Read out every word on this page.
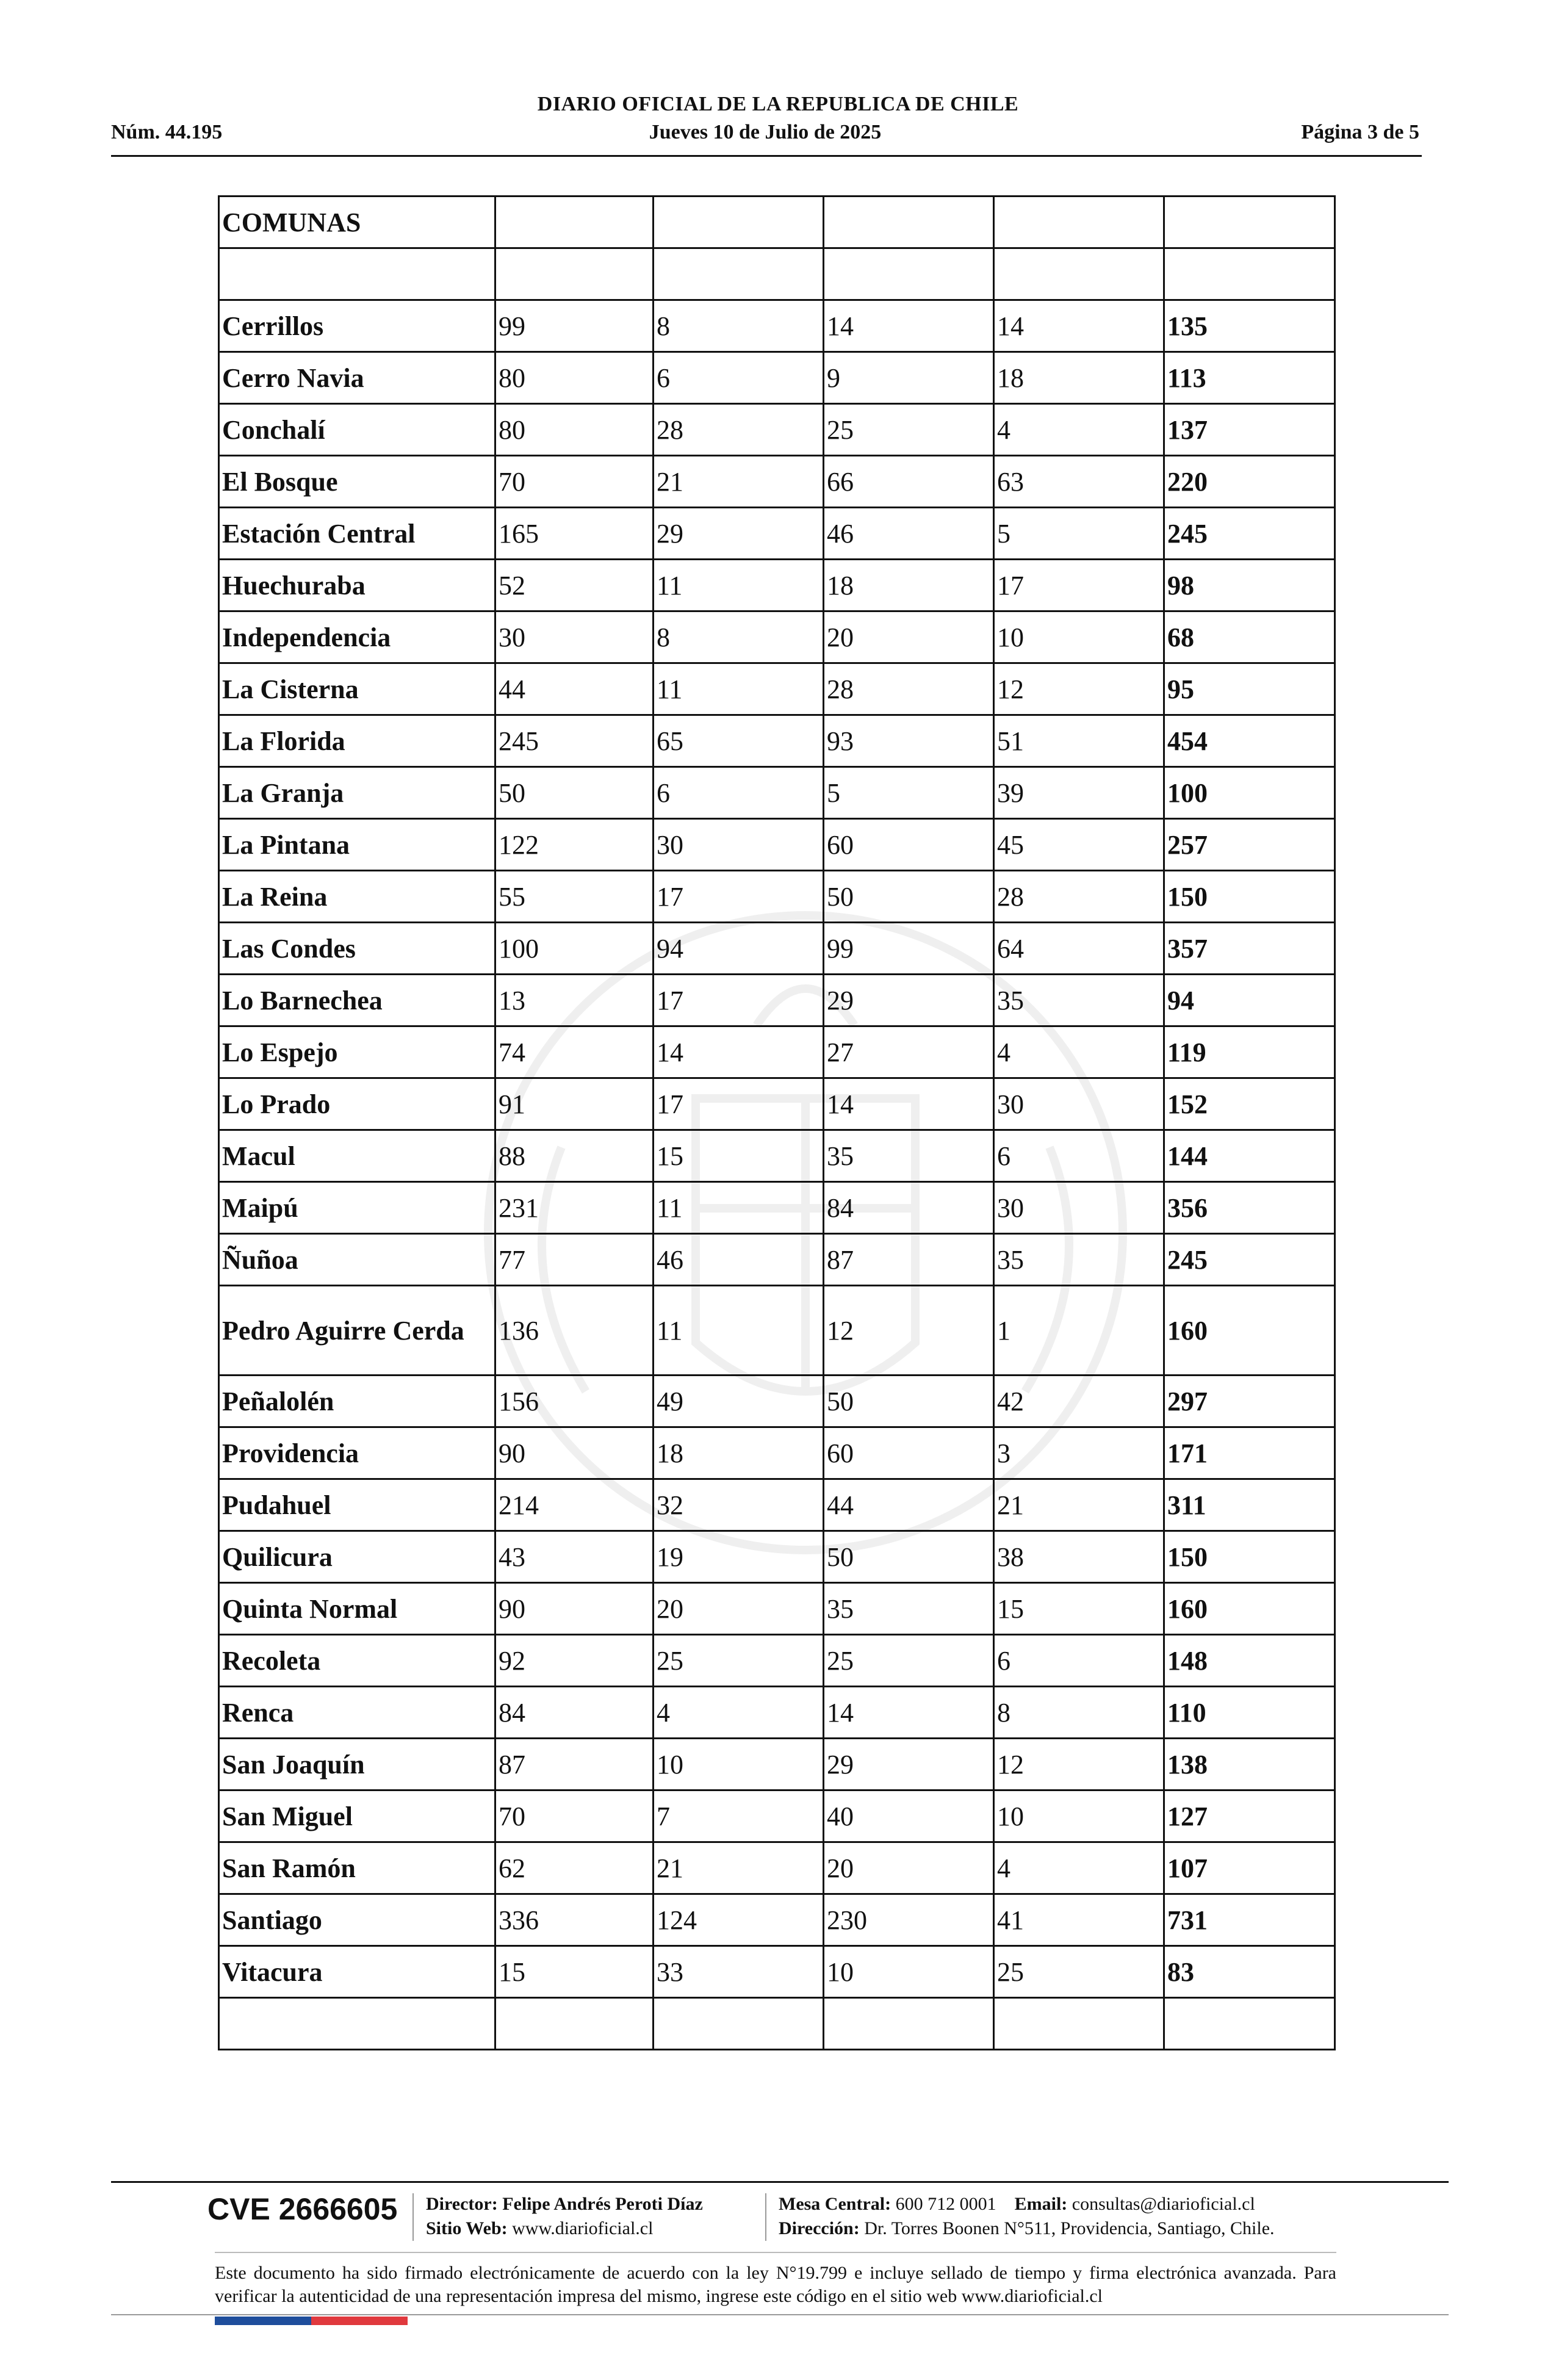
DIARIO OFICIAL DE LA REPUBLICA DE CHILE
Núm. 44.195	Jueves 10 de Julio de 2025	Página 3 de 5
COMUNAS					

Cerrillos	99	8	14	14	135
Cerro Navia	80	6	9	18	113
Conchalí	80	28	25	4	137
El Bosque	70	21	66	63	220
Estación Central	165	29	46	5	245
Huechuraba	52	11	18	17	98
Independencia	30	8	20	10	68
La Cisterna	44	11	28	12	95
La Florida	245	65	93	51	454
La Granja	50	6	5	39	100
La Pintana	122	30	60	45	257
La Reina	55	17	50	28	150
Las Condes	100	94	99	64	357
Lo Barnechea	13	17	29	35	94
Lo Espejo	74	14	27	4	119
Lo Prado	91	17	14	30	152
Macul	88	15	35	6	144
Maipú	231	11	84	30	356
Ñuñoa	77	46	87	35	245
Pedro Aguirre Cerda	136	11	12	1	160
Peñalolén	156	49	50	42	297
Providencia	90	18	60	3	171
Pudahuel	214	32	44	21	311
Quilicura	43	19	50	38	150
Quinta Normal	90	20	35	15	160
Recoleta	92	25	25	6	148
Renca	84	4	14	8	110
San Joaquín	87	10	29	12	138
San Miguel	70	7	40	10	127
San Ramón	62	21	20	4	107
Santiago	336	124	230	41	731
Vitacura	15	33	10	25	83

CVE 2666605 Director: Felipe Andrés Peroti Díaz
Sitio Web: www.diarioficial.cl
Mesa Central: 600 712 0001 Email: consultas@diarioficial.cl
Dirección: Dr. Torres Boonen N°511, Providencia, Santiago, Chile.
Este documento ha sido firmado electrónicamente de acuerdo con la ley N°19.799 e incluye sellado de tiempo y firma electrónica avanzada. Para verificar la autenticidad de una representación impresa del mismo, ingrese este código en el sitio web www.diarioficial.cl
